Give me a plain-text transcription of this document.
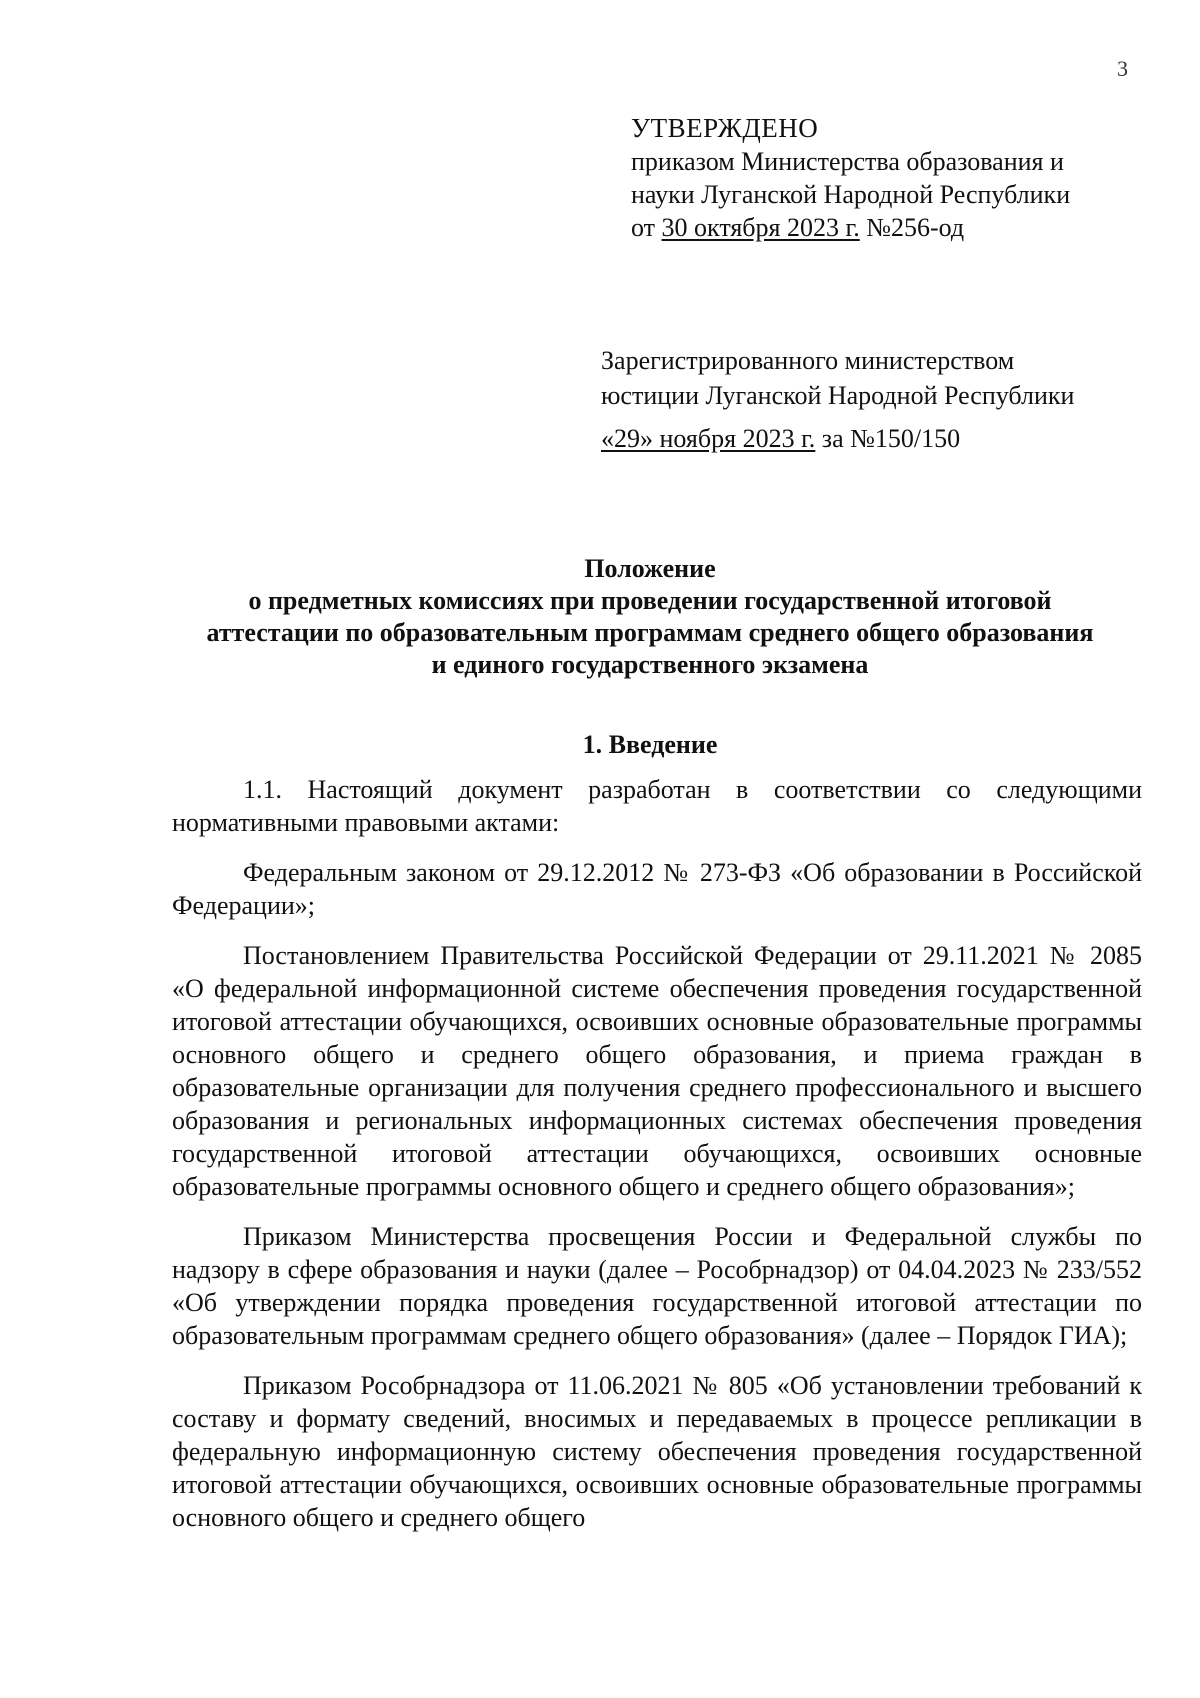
3
УТВЕРЖДЕНО
приказом Министерства образования и
науки Луганской Народной Республики
от 30 октября 2023 г. №256-од
Зарегистрированного министерством
юстиции Луганской Народной Республики
«29» ноября 2023 г. за №150/150
Положение
о предметных комиссиях при проведении государственной итоговой
аттестации по образовательным программам среднего общего образования
и единого государственного экзамена
1. Введение

1.1. Настоящий документ разработан в соответствии со следующими нормативными правовыми актами:

Федеральным законом от 29.12.2012 № 273-ФЗ «Об образовании в Российской Федерации»;

Постановлением Правительства Российской Федерации от 29.11.2021 № 2085 «О федеральной информационной системе обеспечения проведения государственной итоговой аттестации обучающихся, освоивших основные образовательные программы основного общего и среднего общего образования, и приема граждан в образовательные организации для получения среднего профессионального и высшего образования и региональных информационных системах обеспечения проведения государственной итоговой аттестации обучающихся, освоивших основные образовательные программы основного общего и среднего общего образования»;

Приказом Министерства просвещения России и Федеральной службы по надзору в сфере образования и науки (далее – Рособрнадзор) от 04.04.2023 № 233/552 «Об утверждении порядка проведения государственной итоговой аттестации по образовательным программам среднего общего образования» (далее – Порядок ГИА);

Приказом Рособрнадзора от 11.06.2021 № 805 «Об установлении требований к составу и формату сведений, вносимых и передаваемых в процессе репликации в федеральную информационную систему обеспечения проведения государственной итоговой аттестации обучающихся, освоивших основные образовательные программы основного общего и среднего общего
